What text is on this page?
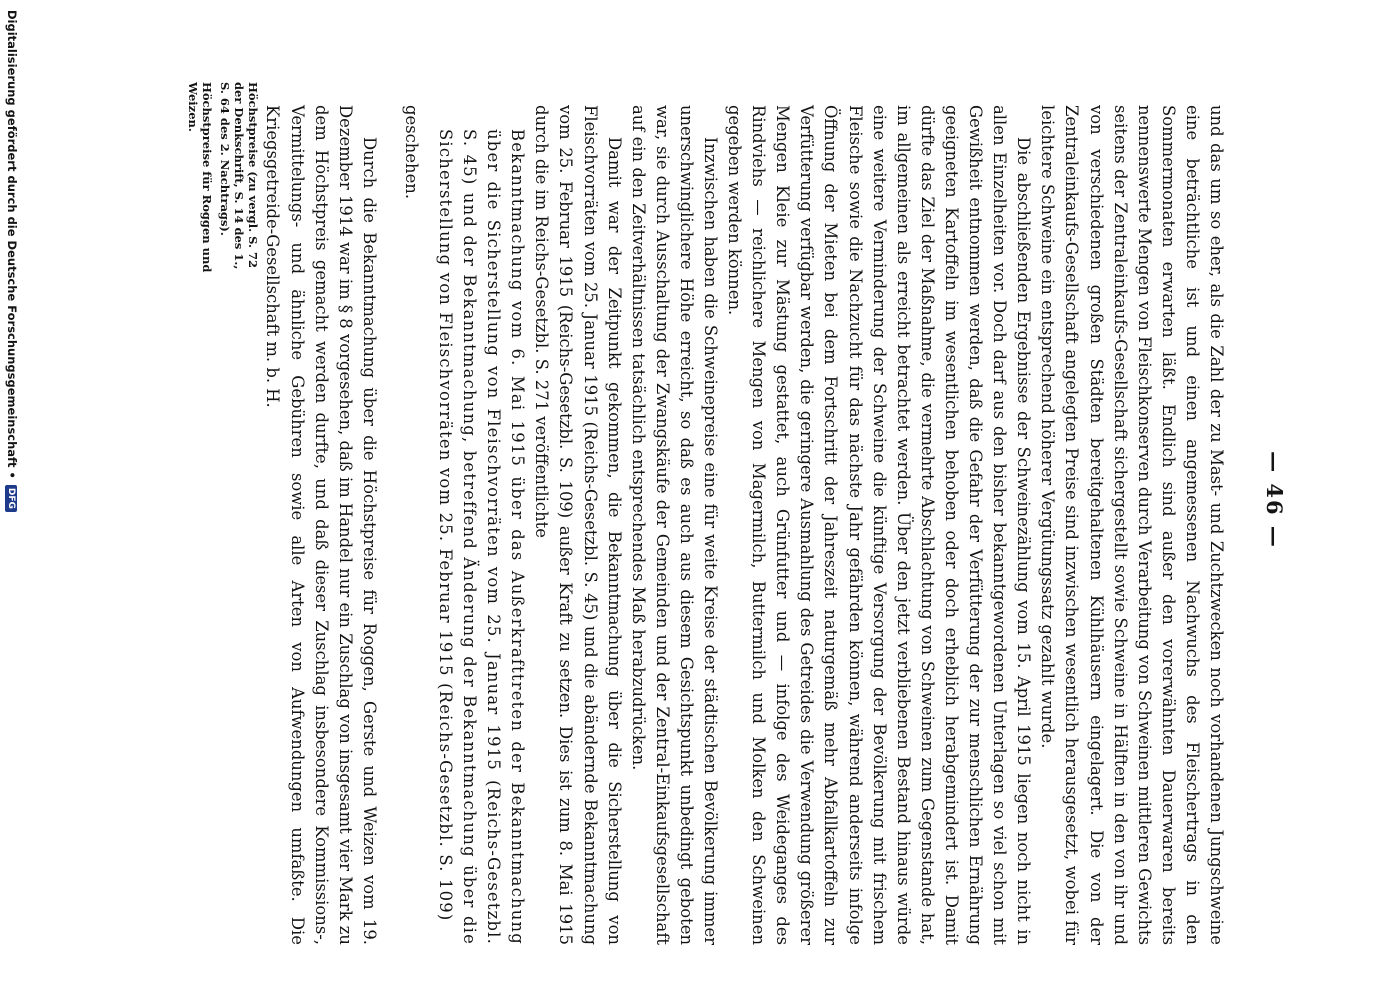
— 46 —

und das um so eher, als die Zahl der zu Mast- und Zuchtzwecken noch vorhandenen Jungschweine eine beträchtliche ist und einen angemessenen Nachwuchs des Fleischertrags in den Sommermonaten erwarten läßt. Endlich sind außer den vorerwähnten Dauerwaren bereits nennenswerte Mengen von Fleischkonserven durch Verarbeitung von Schweinen mittleren Gewichts seitens der Zentraleinkaufs-Gesellschaft sichergestellt sowie Schweine in Hälften in den von ihr und von verschiedenen großen Städten bereitgehaltenen Kühlhäusern eingelagert. Die von der Zentraleinkaufs-Gesellschaft angelegten Preise sind inzwischen wesentlich herausgesetzt, wobei für leichtere Schweine ein entsprechend höherer Vergütungssatz gezahlt wurde.

Die abschließenden Ergebnisse der Schweinezählung vom 15. April 1915 liegen noch nicht in allen Einzelheiten vor. Doch darf aus den bisher bekanntgewordenen Unterlagen so viel schon mit Gewißheit entnommen werden, daß die Gefahr der Verfütterung der zur menschlichen Ernährung geeigneten Kartoffeln im wesentlichen behoben oder doch erheblich herabgemindert ist. Damit dürfte das Ziel der Maßnahme, die vermehrte Abschlachtung von Schweinen zum Gegenstande hat, im allgemeinen als erreicht betrachtet werden. Über den jetzt verbliebenen Bestand hinaus würde eine weitere Verminderung der Schweine die künftige Versorgung der Bevölkerung mit frischem Fleische sowie die Nachzucht für das nächste Jahr gefährden können, während anderseits infolge Öffnung der Mieten bei dem Fortschritt der Jahreszeit naturgemäß mehr Abfallkartoffeln zur Verfütterung verfügbar werden, die geringere Ausmahlung des Getreides die Verwendung größerer Mengen Kleie zur Mästung gestattet, auch Grünfutter und — infolge des Weideganges des Rindviehs — reichlichere Mengen von Magermilch, Buttermilch und Molken den Schweinen gegeben werden können.

Inzwischen haben die Schweinepreise eine für weite Kreise der städtischen Bevölkerung immer unerschwinglichere Höhe erreicht, so daß es auch aus diesem Gesichtspunkt unbedingt geboten war, sie durch Ausschaltung der Zwangskäufe der Gemeinden und der Zentral-Einkaufsgesellschaft auf ein den Zeitverhältnissen tatsächlich entsprechendes Maß herabzudrücken.

Damit war der Zeitpunkt gekommen, die Bekanntmachung über die Sicherstellung von Fleischvorräten vom 25. Januar 1915 (Reichs-Gesetzbl. S. 45) und die abändernde Bekanntmachung vom 25. Februar 1915 (Reichs-Gesetzbl. S. 109) außer Kraft zu setzen. Dies ist zum 8. Mai 1915 durch die im Reichs-Gesetzbl. S. 271 veröffentlichte

Bekanntmachung vom 6. Mai 1915 über das Außerkrafttreten der Bekanntmachung über die Sicherstellung von Fleischvorräten vom 25. Januar 1915 (Reichs-Gesetzbl. S. 45) und der Bekanntmachung, betreffend Änderung der Bekanntmachung über die Sicherstellung von Fleischvorräten vom 25. Februar 1915 (Reichs-Gesetzbl. S. 109)

geschehen.

Durch die Bekanntmachung über die Höchstpreise für Roggen, Gerste und Weizen vom 19. Dezember 1914 war im § 8 vorgesehen, daß im Handel nur ein Zuschlag von insgesamt vier Mark zu dem Höchstpreis gemacht werden durfte, und daß dieser Zuschlag insbesondere Kommissions-, Vermittelungs- und ähnliche Gebühren sowie alle Arten von Aufwendungen umfaßte. Die Kriegsgetreide-Gesellschaft m. b. H.

Höchstpreise (zu vergl. S. 72 der Denkschrift, S. 14 des 1., S. 64 des 2. Nachtrags).
Höchstpreise für Roggen und Weizen.
Digitalisierung gefördert durch die Deutsche Forschungsgemeinschaft •DFG
